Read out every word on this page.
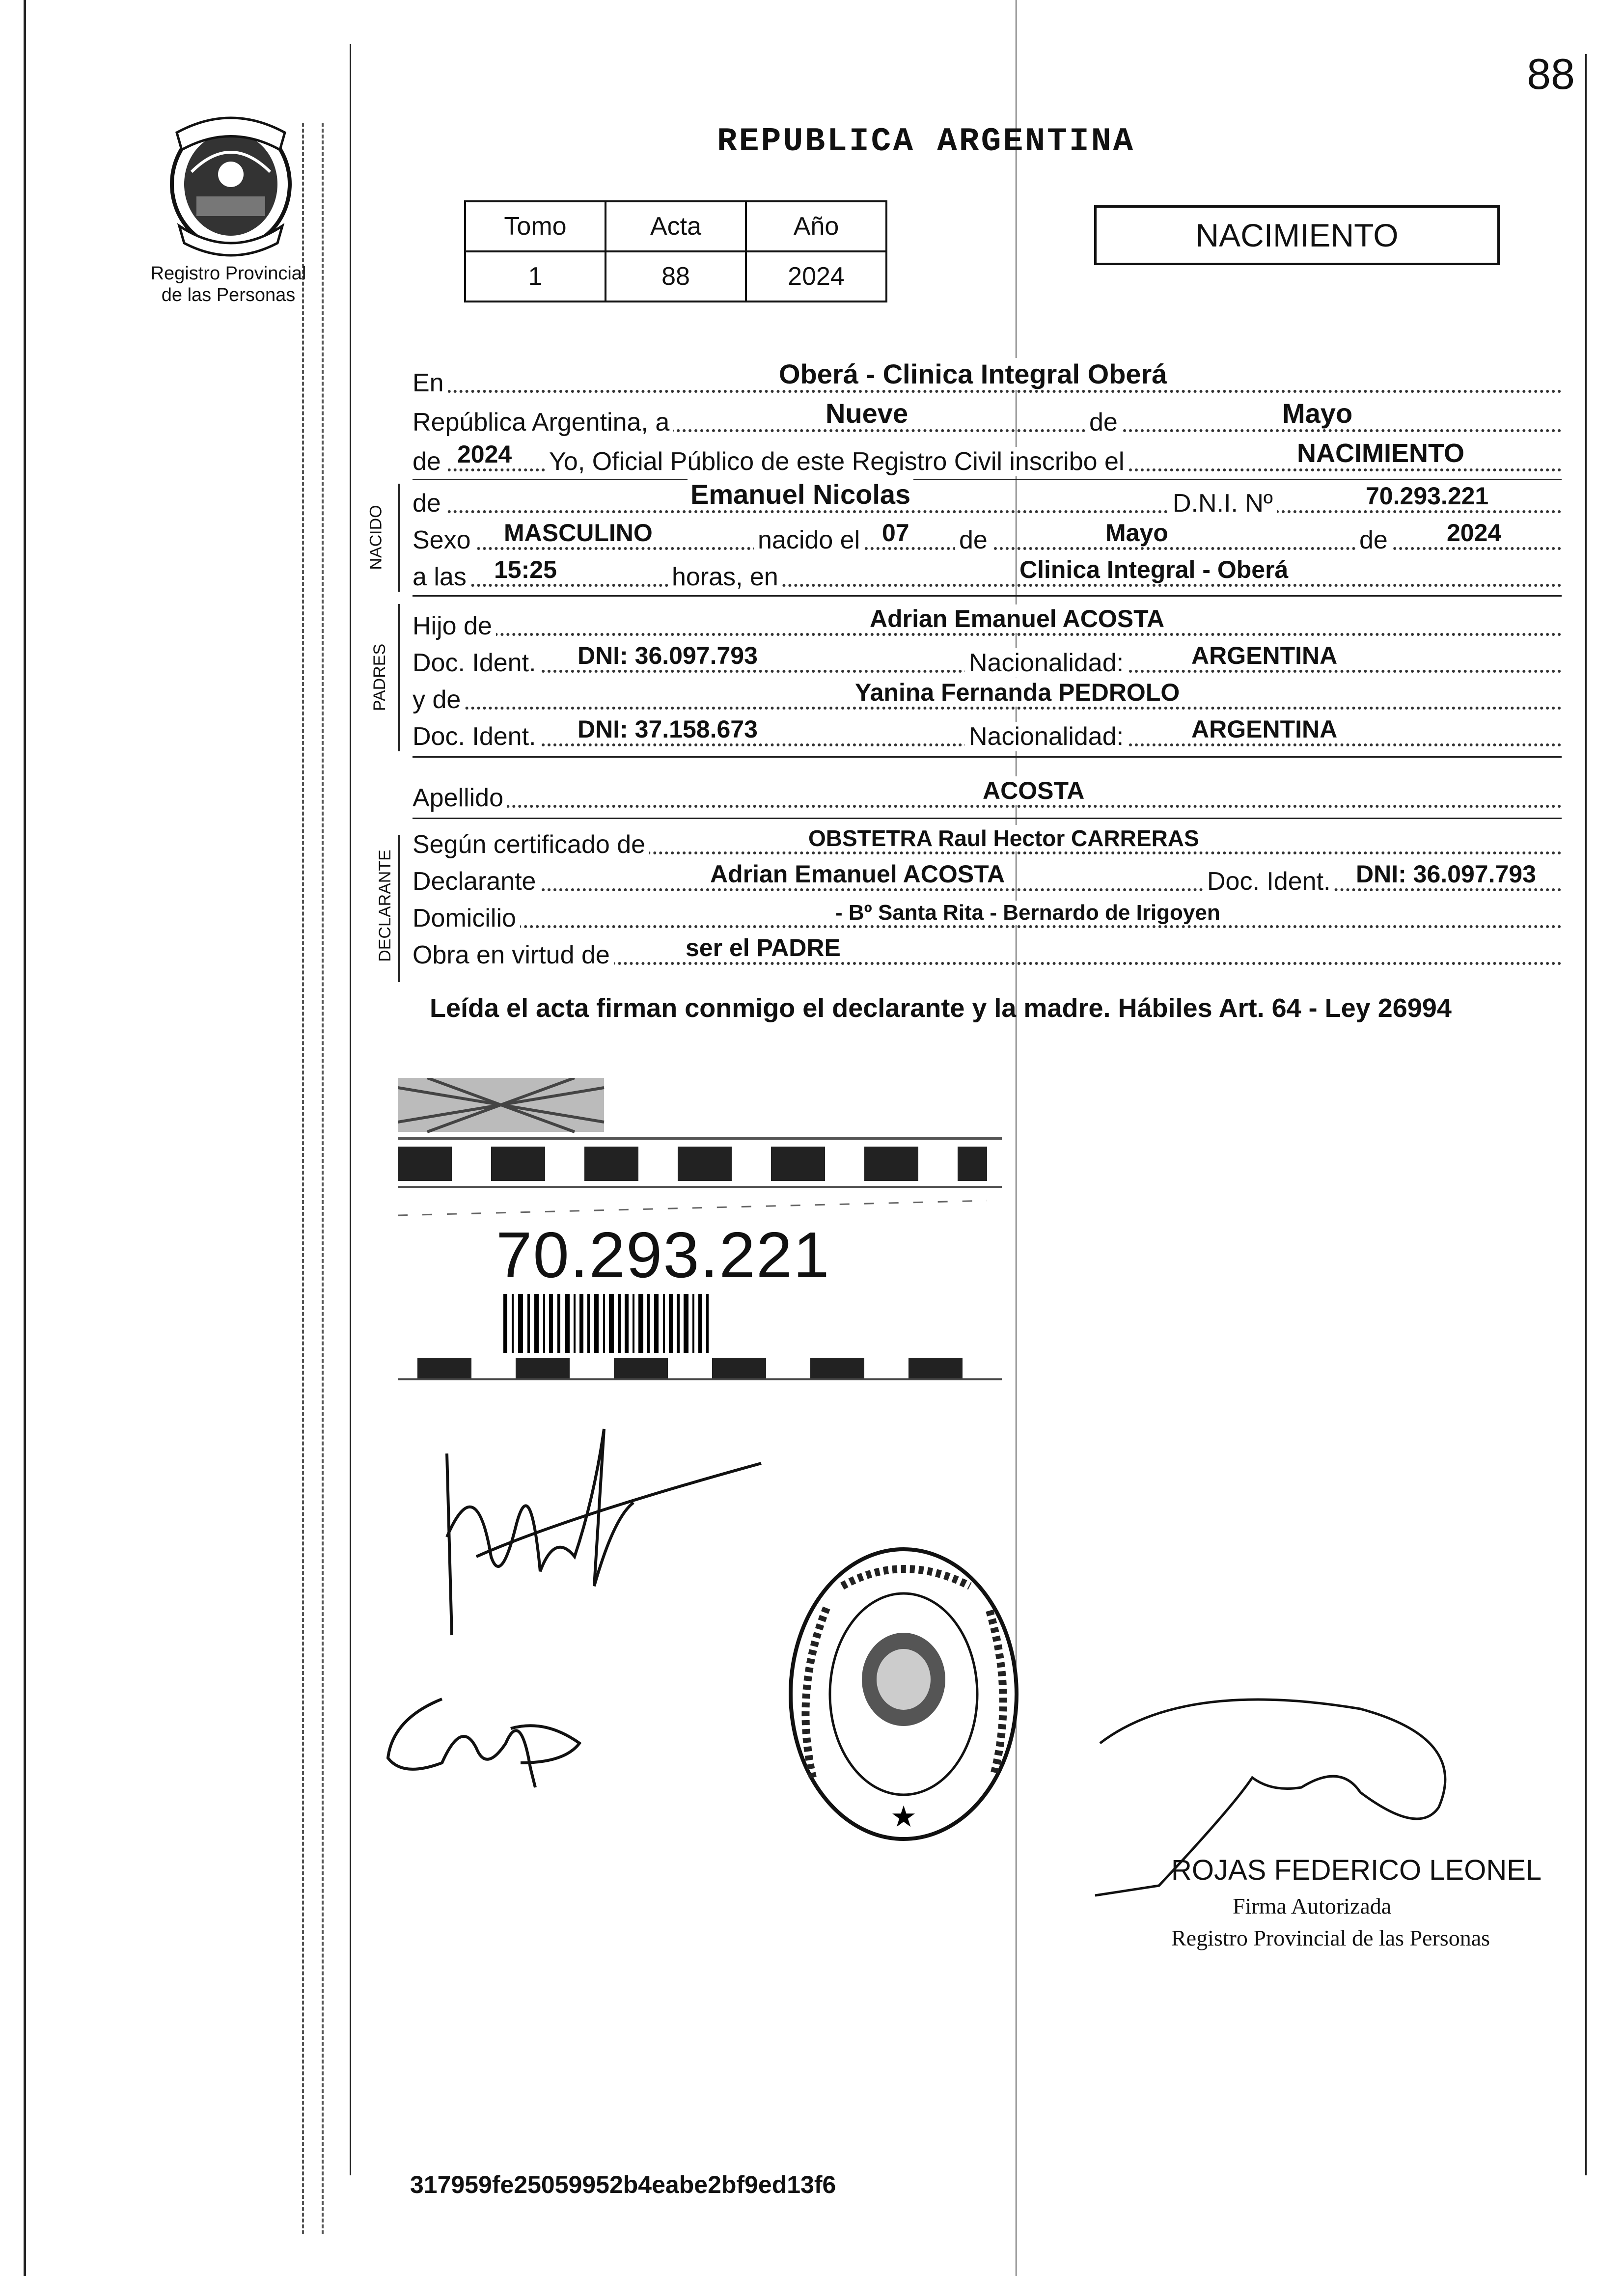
88
REPUBLICA ARGENTINA
Registro Provincial
de las Personas
Tomo	Acta	Año
1	88	2024
NACIMIENTO
En	Oberá - Clinica Integral Oberá
República Argentina, a	Nueve	de	Mayo
de 2024 Yo, Oficial Público de este Registro Civil inscribo el	NACIMIENTO
NACIDO
de	Emanuel Nicolas	D.N.I. Nº	70.293.221
Sexo MASCULINO	nacido el 07 de	Mayo	de 2024
a las 15:25	horas, en	Clinica Integral - Oberá
PADRES
Hijo de	Adrian Emanuel ACOSTA
Doc. Ident. DNI: 36.097.793	Nacionalidad:	ARGENTINA
y de	Yanina Fernanda PEDROLO
Doc. Ident. DNI: 37.158.673	Nacionalidad:	ARGENTINA
Apellido	ACOSTA
DECLARANTE
Según certificado de	OBSTETRA Raul Hector CARRERAS
Declarante	Adrian Emanuel ACOSTA	Doc. Ident. DNI: 36.097.793
Domicilio	- Bº Santa Rita - Bernardo de Irigoyen
Obra en virtud de	ser el PADRE
Leída el acta firman conmigo el declarante y la madre. Hábiles Art. 64 - Ley 26994
70.293.221
★
ROJAS FEDERICO LEONEL
Firma Autorizada
Registro Provincial de las Personas
317959fe25059952b4eabe2bf9ed13f6
